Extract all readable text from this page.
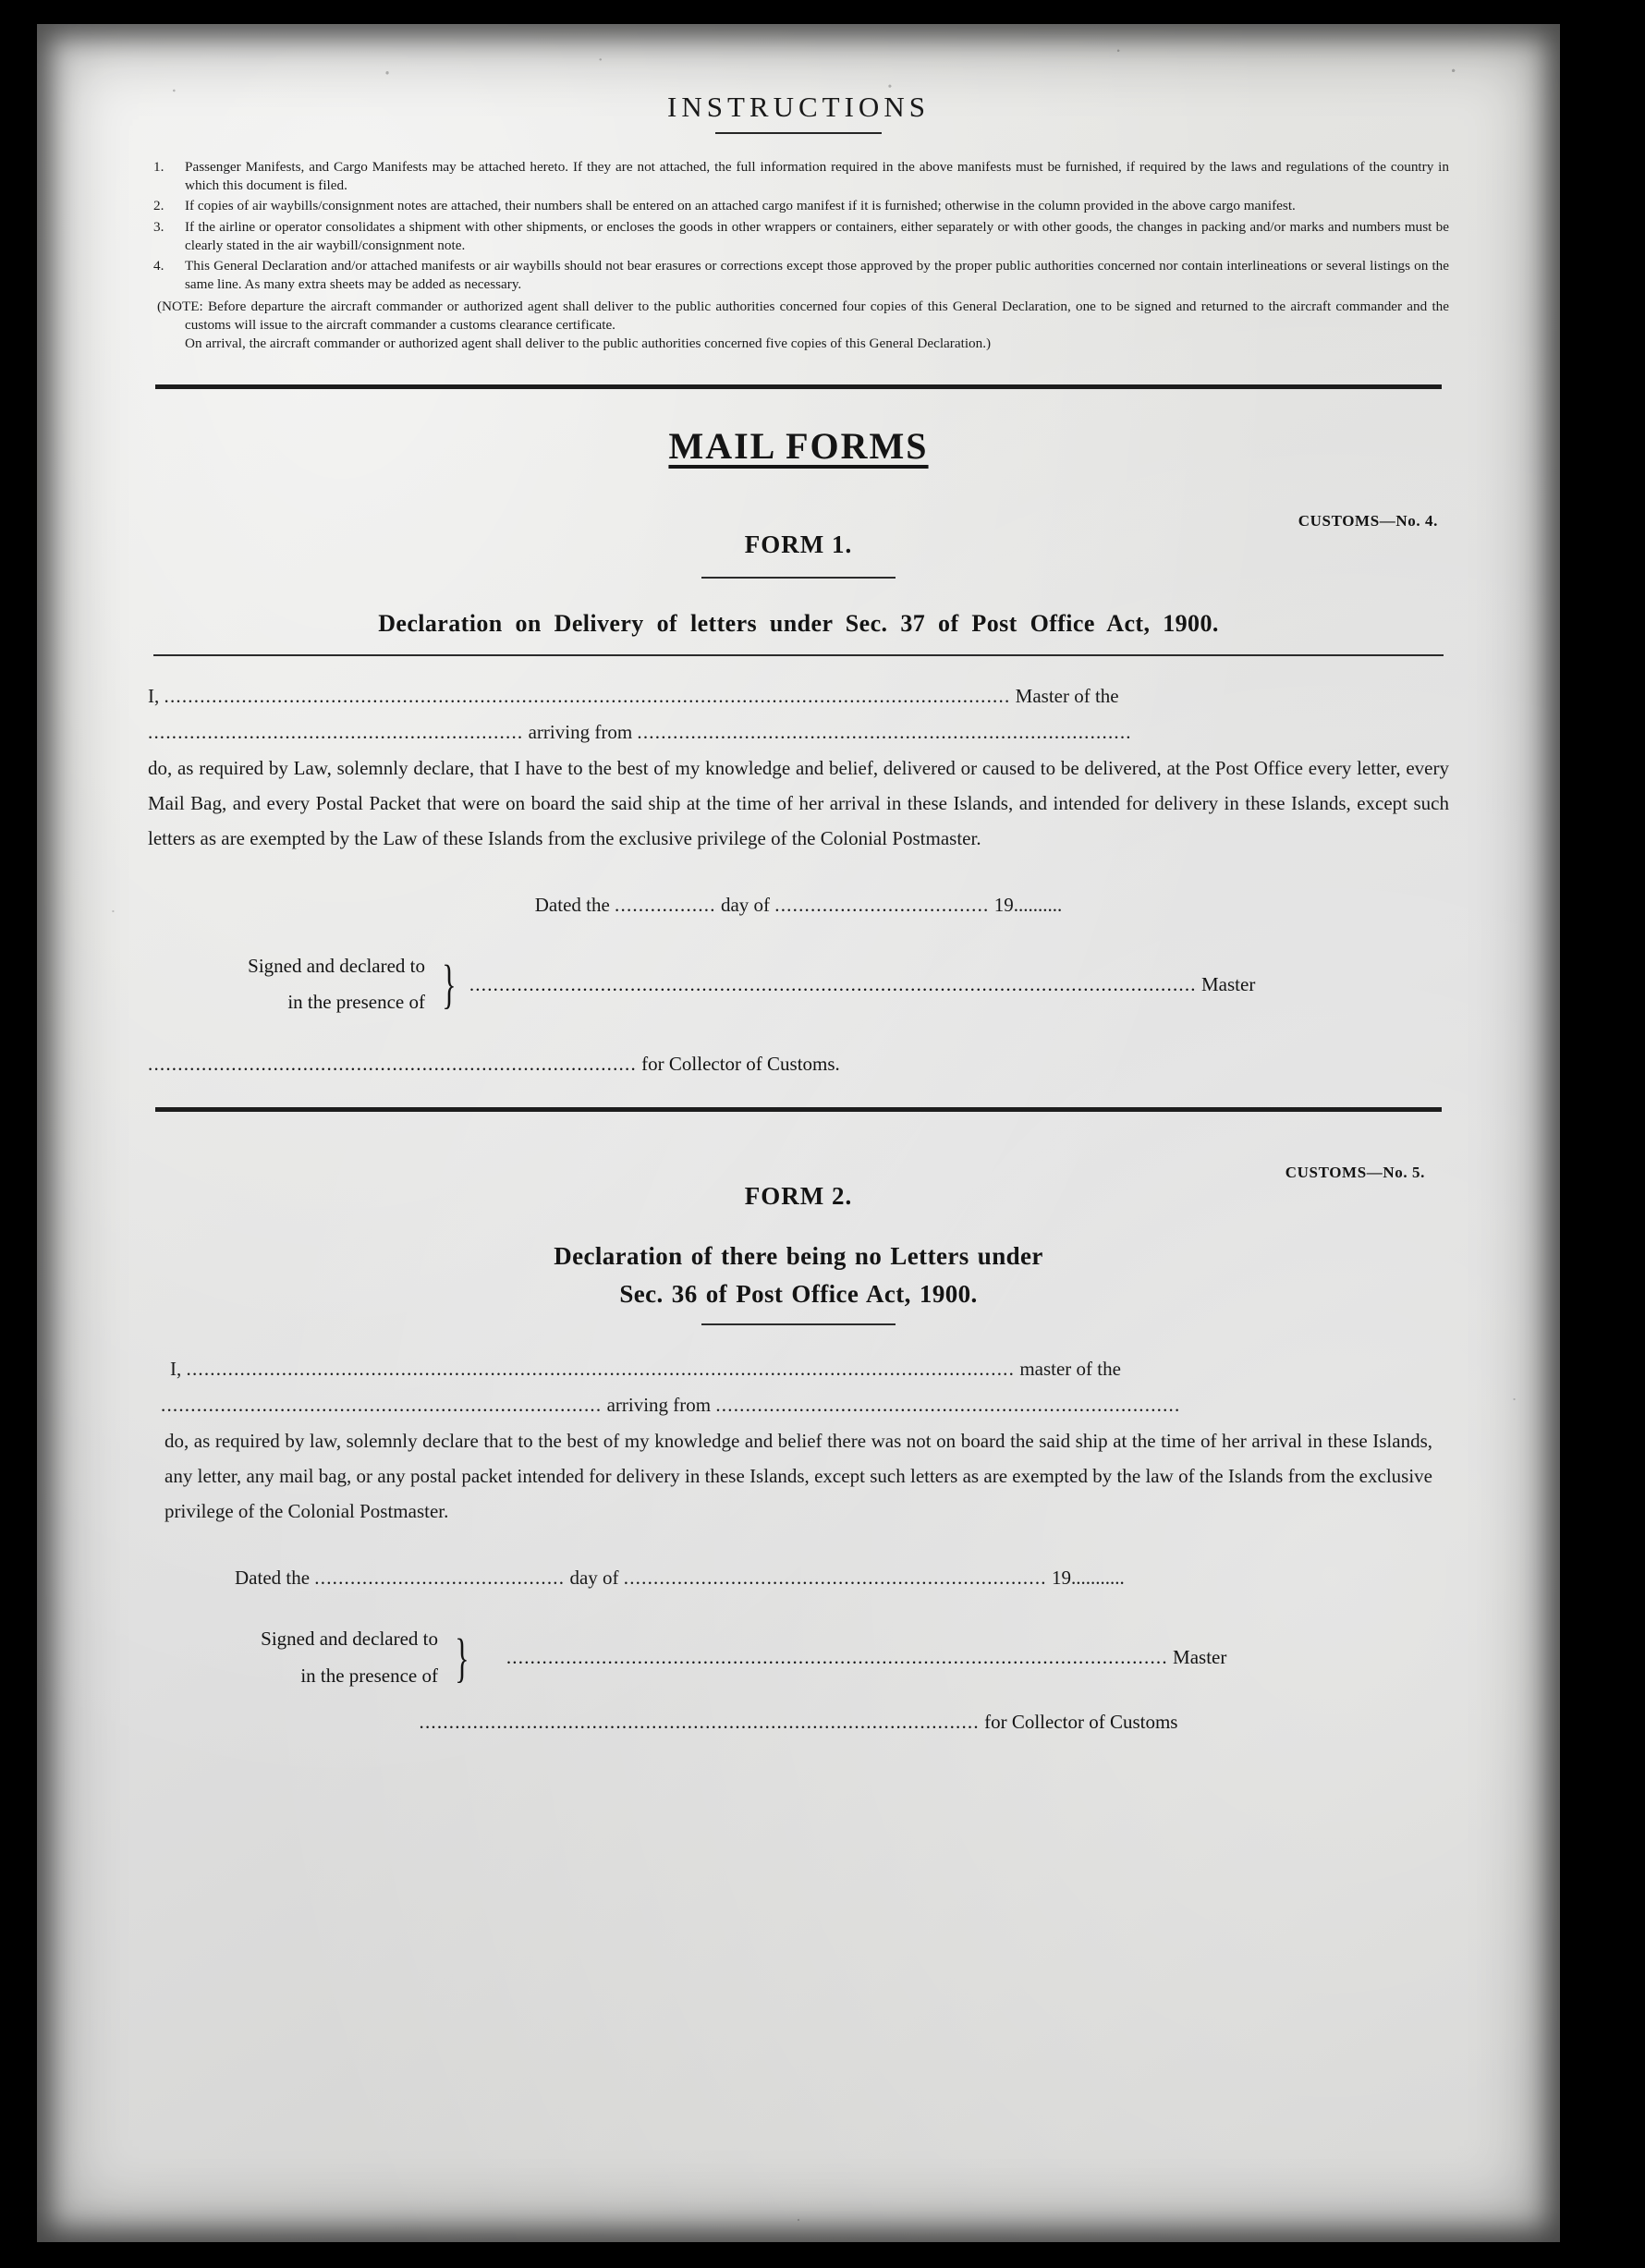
INSTRUCTIONS
1.	Passenger Manifests, and Cargo Manifests may be attached hereto. If they are not attached, the full information required in the above manifests must be furnished, if required by the laws and regulations of the country in which this document is filed.
2.	If copies of air waybills/consignment notes are attached, their numbers shall be entered on an attached cargo manifest if it is furnished; otherwise in the column provided in the above cargo manifest.
3.	If the airline or operator consolidates a shipment with other shipments, or encloses the goods in other wrappers or containers, either separately or with other goods, the changes in packing and/or marks and numbers must be clearly stated in the air waybill/consignment note.
4.	This General Declaration and/or attached manifests or air waybills should not bear erasures or corrections except those approved by the proper public authorities concerned nor contain interlineations or several listings on the same line. As many extra sheets may be added as necessary.
(NOTE: Before departure the aircraft commander or authorized agent shall deliver to the public authorities concerned four copies of this General Declaration, one to be signed and returned to the aircraft commander and the customs will issue to the aircraft commander a customs clearance certificate.
On arrival, the aircraft commander or authorized agent shall deliver to the public authorities concerned five copies of this General Declaration.)
MAIL FORMS
CUSTOMS—No. 4.
FORM 1.
Declaration on Delivery of letters under Sec. 37 of Post Office Act, 1900.
I, .............................................................................................................................................. Master of the
............................................................... arriving from ...................................................................................
do, as required by Law, solemnly declare, that I have to the best of my knowledge and belief, delivered or caused to be delivered, at the Post Office every letter, every Mail Bag, and every Postal Packet that were on board the said ship at the time of her arrival in these Islands, and intended for delivery in these Islands, except such letters as are exempted by the Law of these Islands from the exclusive privilege of the Colonial Postmaster.
Dated the ................. day of .................................... 19..........
Signed and declared to
in the presence of } .......................................................................................................................... Master
.................................................................................. for Collector of Customs.
CUSTOMS—No. 5.
FORM 2.
Declaration of there being no Letters under
Sec. 36 of Post Office Act, 1900.
I, ........................................................................................................................................... master of the
.......................................................................... arriving from ..............................................................................
do, as required by law, solemnly declare that to the best of my knowledge and belief there was not on board the said ship at the time of her arrival in these Islands, any letter, any mail bag, or any postal packet intended for delivery in these Islands, except such letters as are exempted by the law of the Islands from the exclusive privilege of the Colonial Postmaster.
Dated the .......................................... day of ....................................................................... 19...........
Signed and declared to
in the presence of }	............................................................................................................... Master
.............................................................................................. for Collector of Customs
